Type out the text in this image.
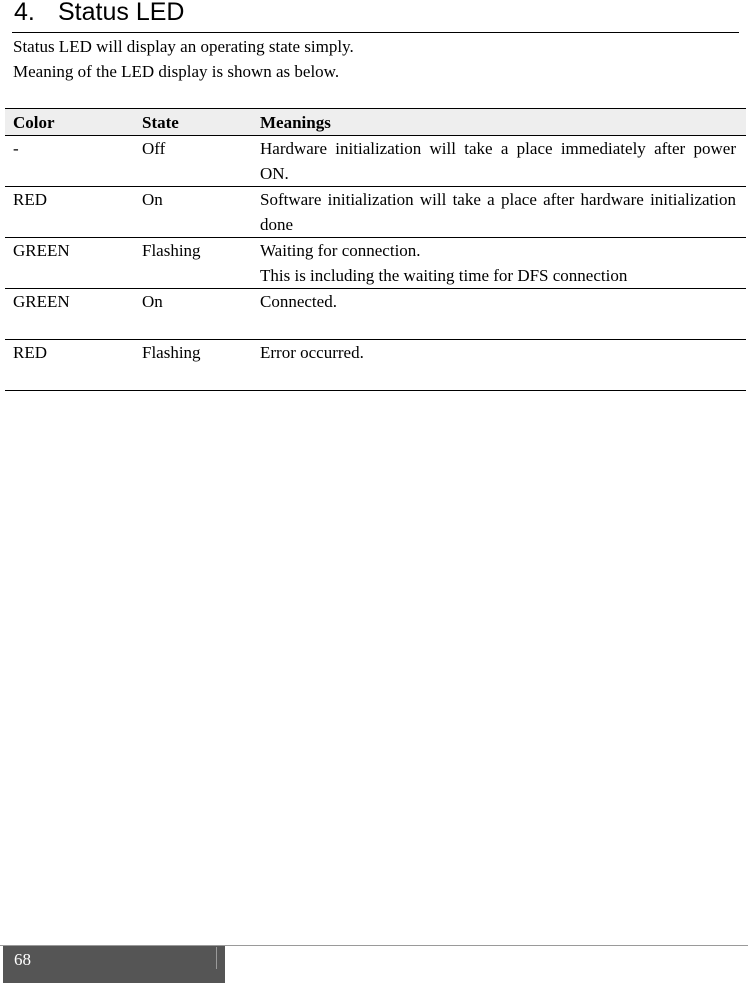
4. Status LED
Status LED will display an operating state simply.
Meaning of the LED display is shown as below.
Color	State	Meanings
-	Off	Hardware initialization will take a place immediately after power ON.

RED	On	Software initialization will take a place after hardware initialization done

GREEN	Flashing	Waiting for connection.
This is including the waiting time for DFS connection

GREEN	On	Connected.

RED	Flashing	Error occurred.
68
